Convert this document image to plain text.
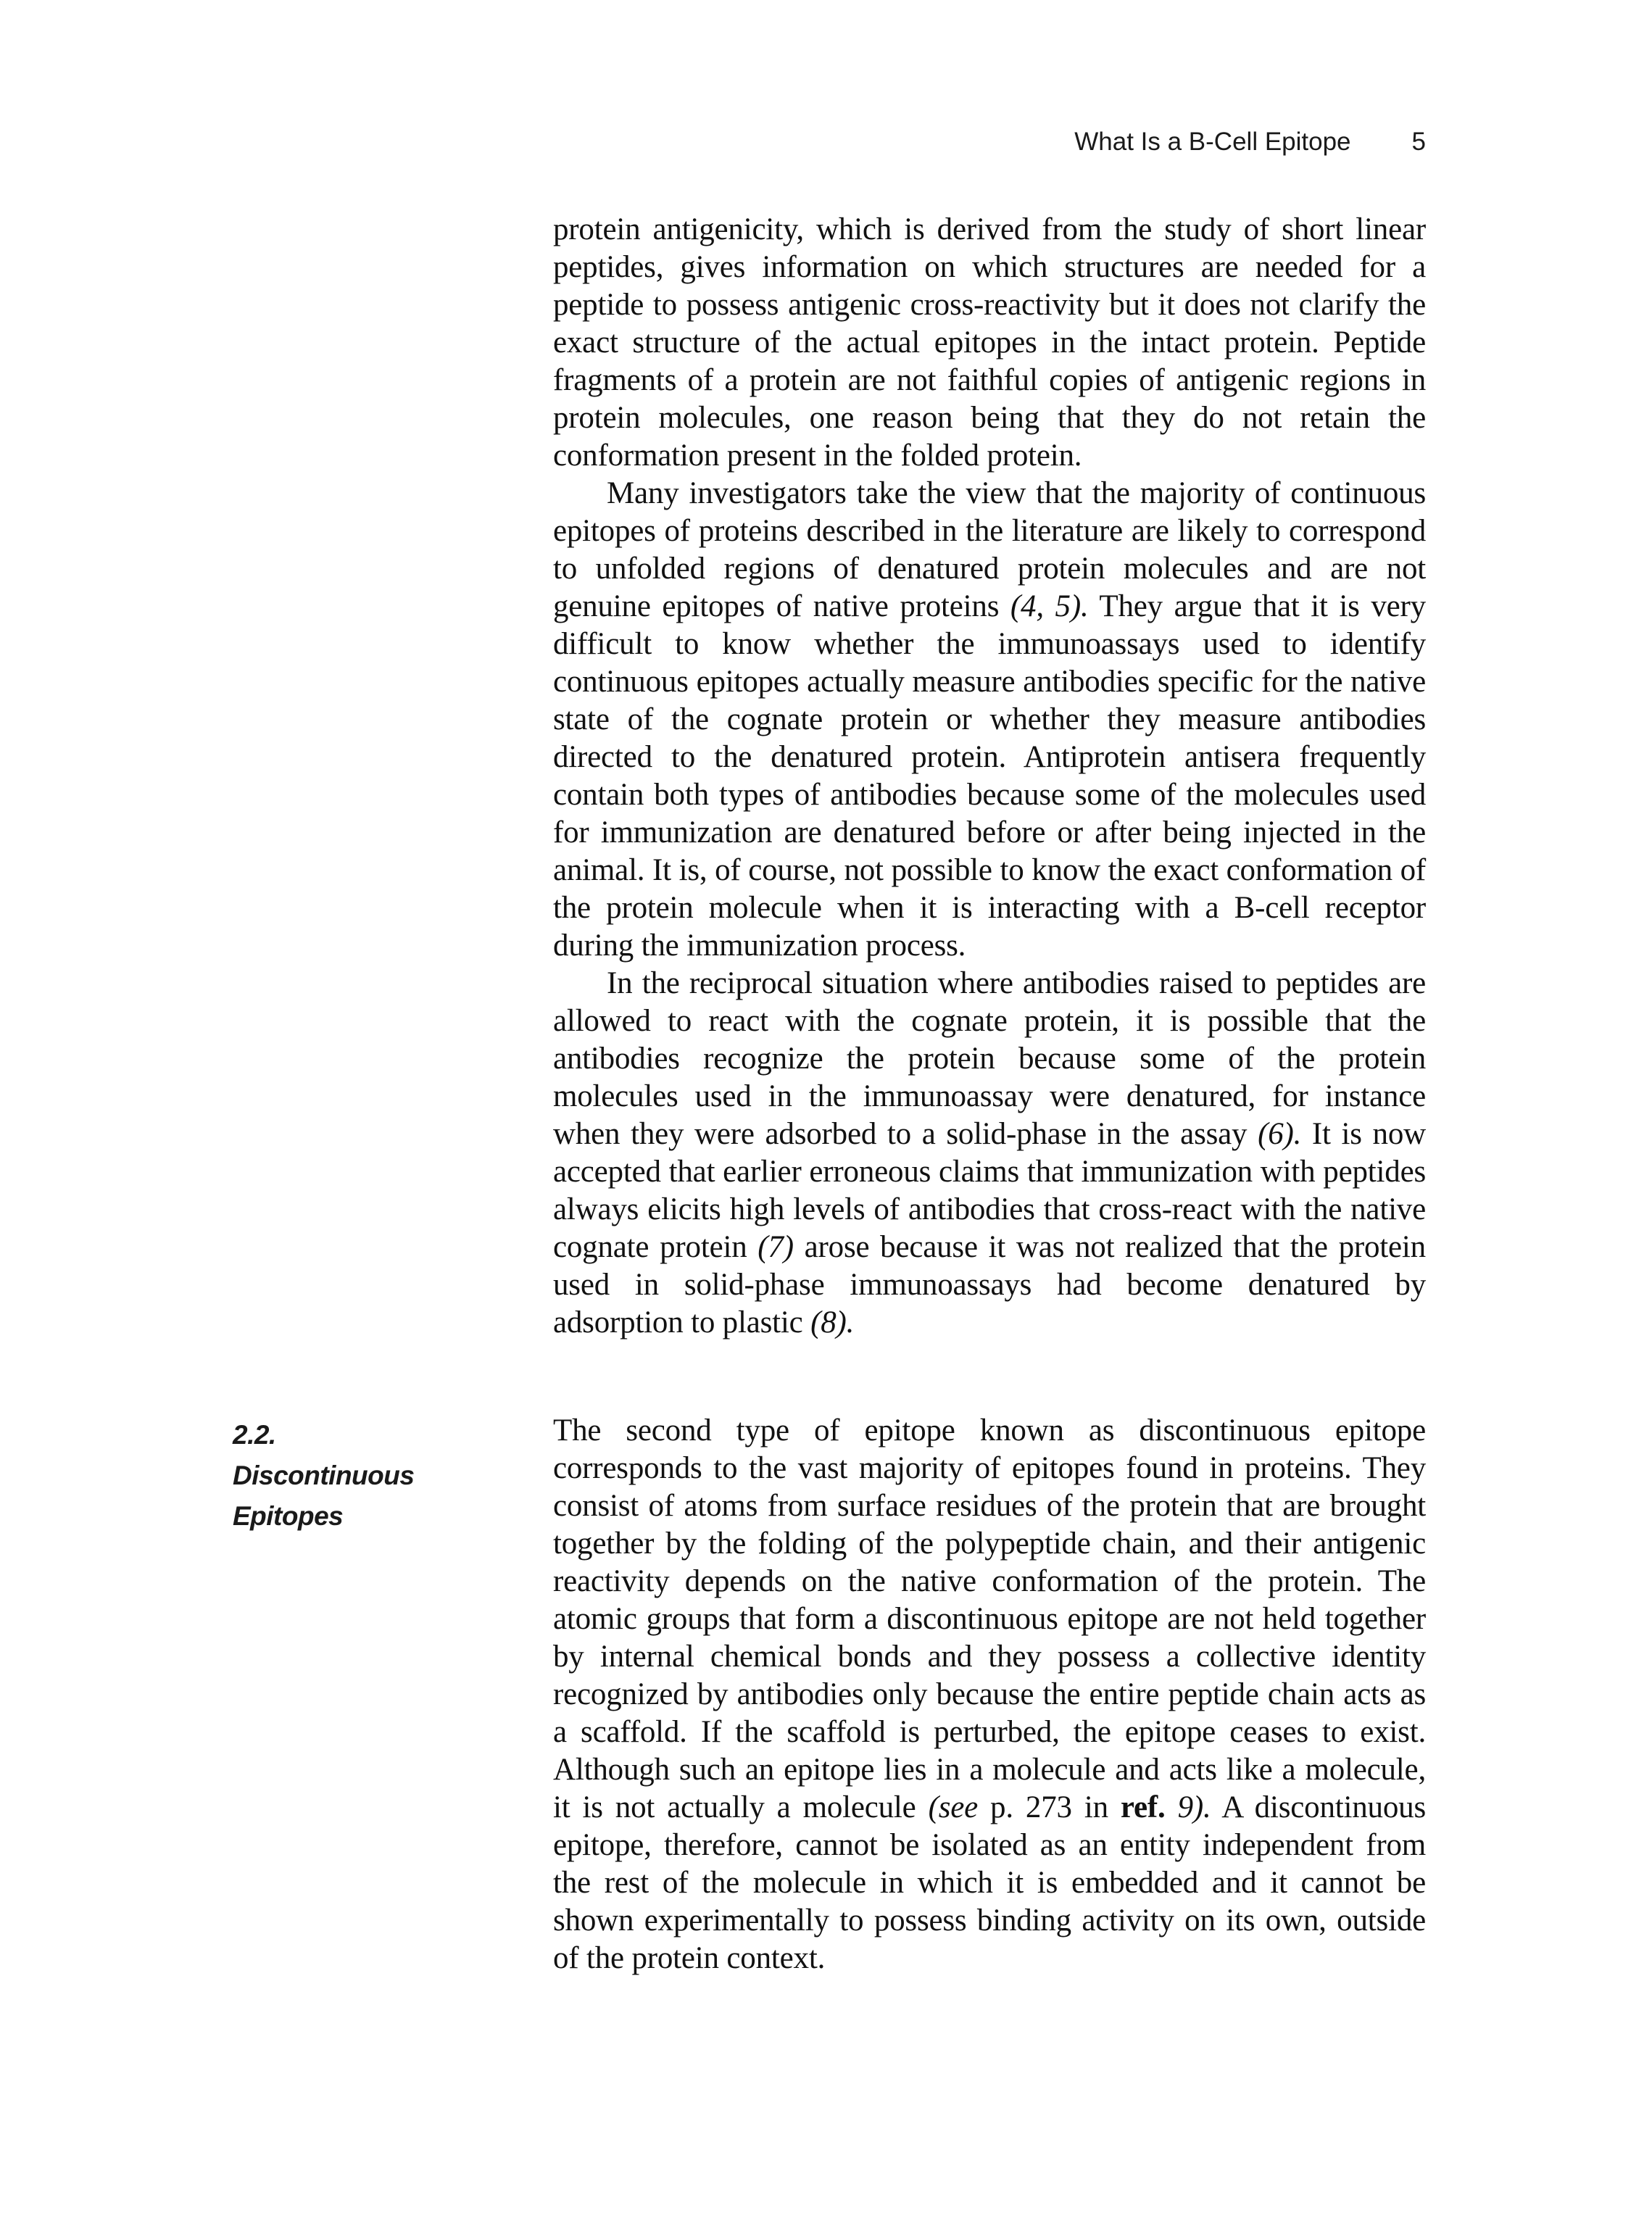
What Is a B-Cell Epitope 5

protein antigenicity, which is derived from the study of short linear peptides, gives information on which structures are needed for a peptide to possess antigenic cross-reactivity but it does not clarify the exact structure of the actual epitopes in the intact protein. Peptide fragments of a protein are not faithful copies of antigenic regions in protein molecules, one reason being that they do not retain the conformation present in the folded protein.

Many investigators take the view that the majority of continuous epitopes of proteins described in the literature are likely to correspond to unfolded regions of denatured protein molecules and are not genuine epitopes of native proteins (4, 5). They argue that it is very difficult to know whether the immunoassays used to identify continuous epitopes actually measure antibodies specific for the native state of the cognate protein or whether they measure antibodies directed to the denatured protein. Antiprotein antisera frequently contain both types of antibodies because some of the molecules used for immunization are denatured before or after being injected in the animal. It is, of course, not possible to know the exact conformation of the protein molecule when it is interacting with a B-cell receptor during the immunization process.

In the reciprocal situation where antibodies raised to peptides are allowed to react with the cognate protein, it is possible that the antibodies recognize the protein because some of the protein molecules used in the immunoassay were denatured, for instance when they were adsorbed to a solid-phase in the assay (6). It is now accepted that earlier erroneous claims that immunization with peptides always elicits high levels of antibodies that cross-react with the native cognate protein (7) arose because it was not realized that the protein used in solid-phase immunoassays had become denatured by adsorption to plastic (8).

2.2.
Discontinuous
Epitopes

The second type of epitope known as discontinuous epitope corresponds to the vast majority of epitopes found in proteins. They consist of atoms from surface residues of the protein that are brought together by the folding of the polypeptide chain, and their antigenic reactivity depends on the native conformation of the protein. The atomic groups that form a discontinuous epitope are not held together by internal chemical bonds and they possess a collective identity recognized by antibodies only because the entire peptide chain acts as a scaffold. If the scaffold is perturbed, the epitope ceases to exist. Although such an epitope lies in a molecule and acts like a molecule, it is not actually a molecule (see p. 273 in ref. 9). A discontinuous epitope, therefore, cannot be isolated as an entity independent from the rest of the molecule in which it is embedded and it cannot be shown experimentally to possess binding activity on its own, outside of the protein context.
